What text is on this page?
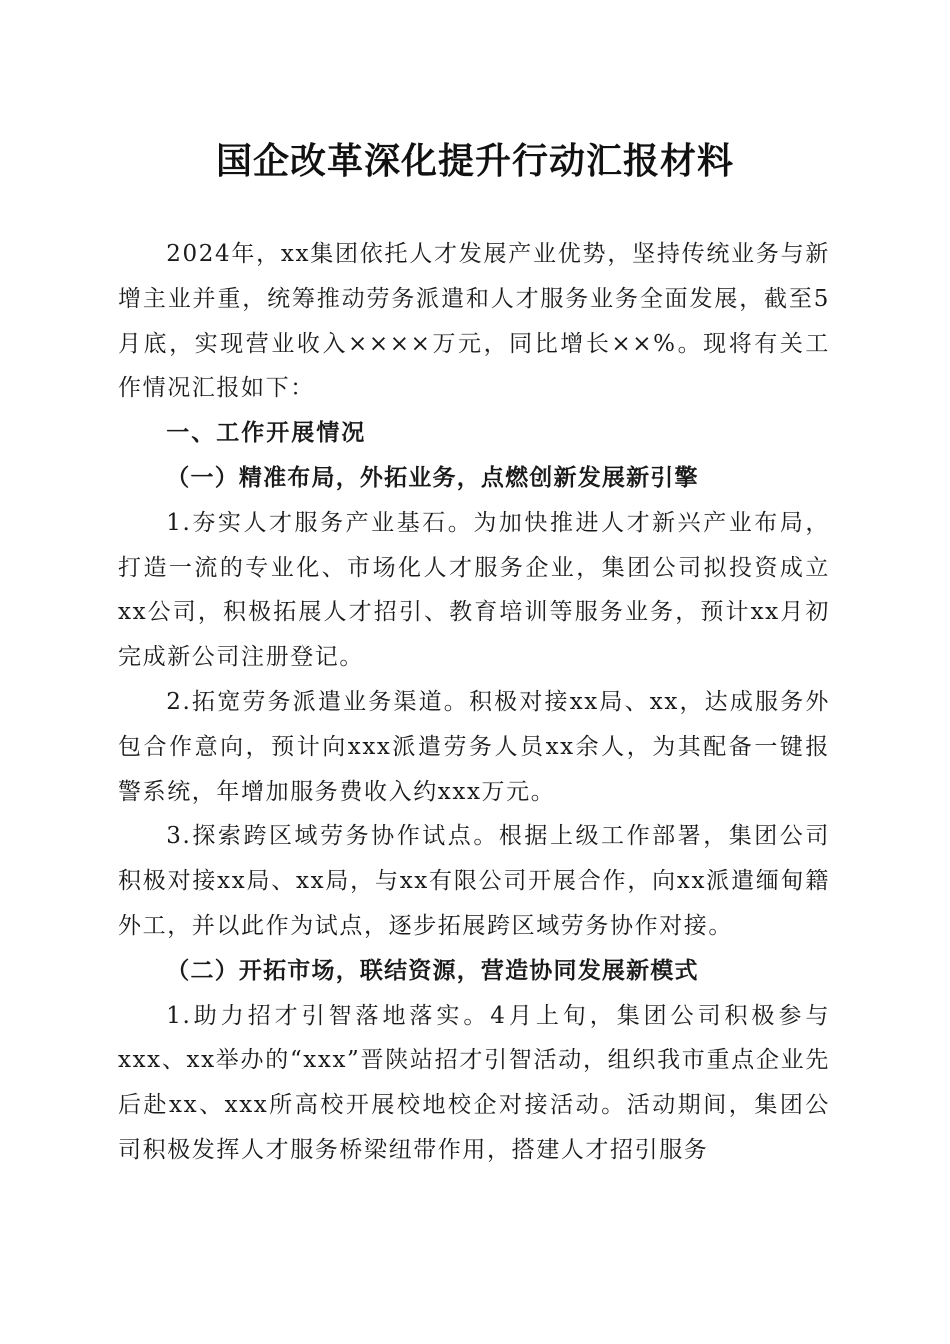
国企改革深化提升行动汇报材料

2024年，xx集团依托人才发展产业优势，坚持传统业务与新增主业并重，统筹推动劳务派遣和人才服务业务全面发展，截至5月底，实现营业收入××××万元，同比增长××%。现将有关工作情况汇报如下：

一、工作开展情况

（一）精准布局，外拓业务，点燃创新发展新引擎

1.夯实人才服务产业基石。为加快推进人才新兴产业布局，打造一流的专业化、市场化人才服务企业，集团公司拟投资成立xx公司，积极拓展人才招引、教育培训等服务业务，预计xx月初完成新公司注册登记。

2.拓宽劳务派遣业务渠道。积极对接xx局、xx，达成服务外包合作意向，预计向xxx派遣劳务人员xx余人，为其配备一键报警系统，年增加服务费收入约xxx万元。

3.探索跨区域劳务协作试点。根据上级工作部署，集团公司积极对接xx局、xx局，与xx有限公司开展合作，向xx派遣缅甸籍外工，并以此作为试点，逐步拓展跨区域劳务协作对接。

（二）开拓市场，联结资源，营造协同发展新模式

1.助力招才引智落地落实。4月上旬，集团公司积极参与xxx、xx举办的“xxx”晋陕站招才引智活动，组织我市重点企业先后赴xx、xxx所高校开展校地校企对接活动。活动期间，集团公司积极发挥人才服务桥梁纽带作用，搭建人才招引服务
